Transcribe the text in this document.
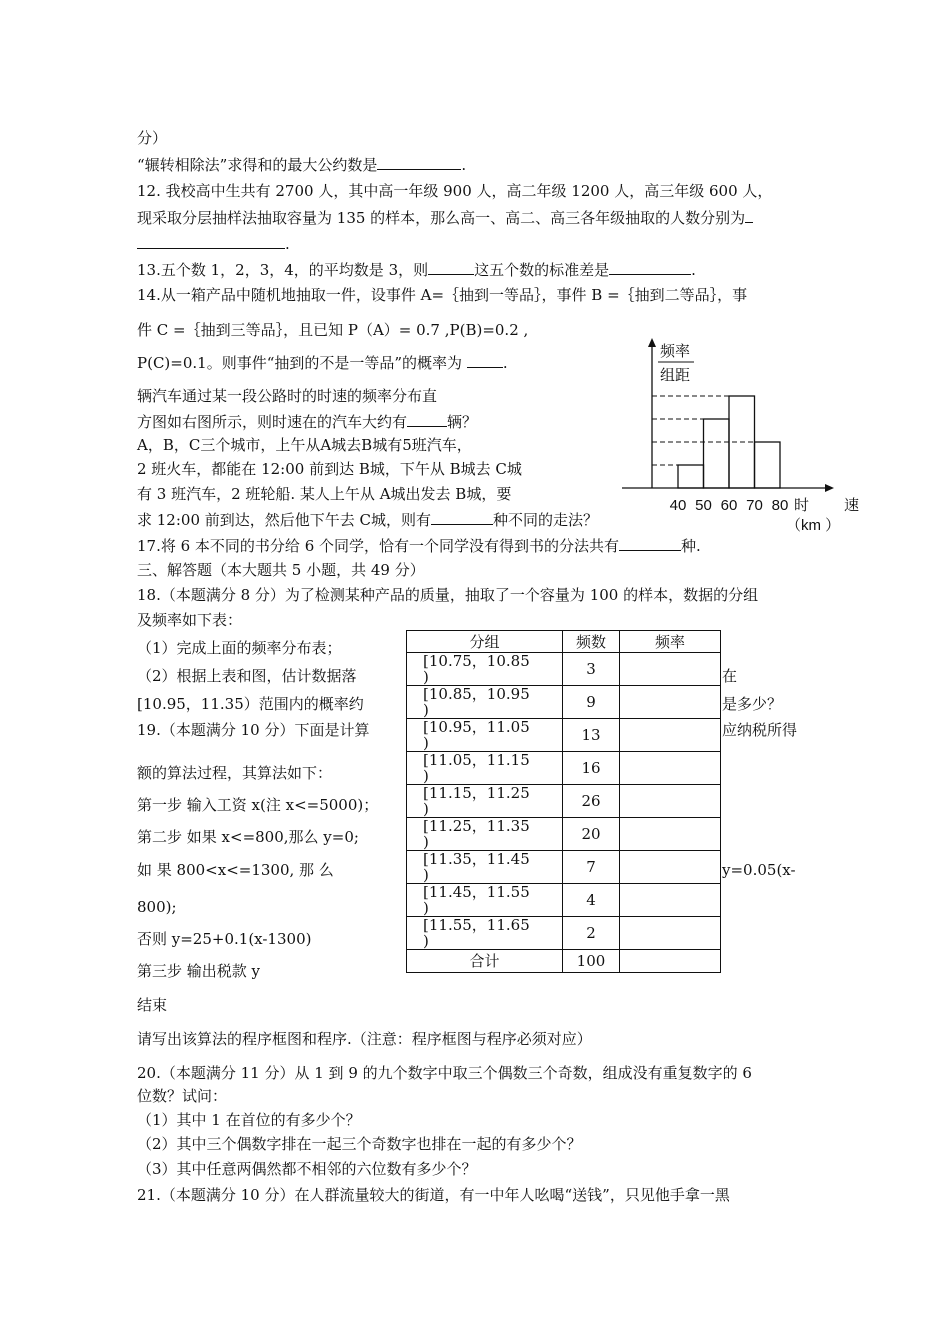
分）
“辗转相除法”求得和的最大公约数是	.
12. 我校高中生共有 2700 人，其中高一年级 900 人，高二年级 1200 人，高三年级 600 人，
现采取分层抽样法抽取容量为 135 的样本，那么高一、高二、高三各年级抽取的人数分别为
.
13.五个数 1，2，3，4，的平均数是 3，则	这五个数的标准差是	.
14.从一箱产品中随机地抽取一件，设事件 A=｛抽到一等品｝，事件 B =｛抽到二等品｝，事
件 C =｛抽到三等品｝，且已知 P（A）= 0.7 ,P(B)=0.2 ,
P(C)=0.1。则事件“抽到的不是一等品”的概率为	.
辆汽车通过某一段公路时的时速的频率分布直
方图如右图所示，则时速在的汽车大约有	辆？
A，B，C三个城市，上午从A城去B城有5班汽车，
2 班火车，都能在 12:00 前到达 B城，下午从 B城去 C城
有 3 班汽车，2 班轮船. 某人上午从 A城出发去 B城，要
求 12:00 前到达，然后他下午去 C城，则有	种不同的走法？
17.将 6 本不同的书分给 6 个同学，恰有一个同学没有得到书的分法共有	种.
三、解答题（本大题共 5 小题，共 49 分）
18.（本题满分 8 分）为了检测某种产品的质量，抽取了一个容量为 100 的样本，数据的分组
及频率如下表：
（1）完成上面的频率分布表；
（2）根据上表和图，估计数据落	在
[10.95，11.35）范围内的概率约	是多少？
19.（本题满分 10 分）下面是计算	应纳税所得
额的算法过程，其算法如下：
第一步 输入工资 x(注 x<=5000)；
第二步 如果 x<=800,那么 y=0;
如 果 800<x<=1300, 那 么	y=0.05(x-
800);
否则 y=25+0.1(x-1300)
第三步 输出税款 y
结束
请写出该算法的程序框图和程序.（注意：程序框图与程序必须对应）
20.（本题满分 11 分）从 1 到 9 的九个数字中取三个偶数三个奇数，组成没有重复数字的 6
位数？试问：
（1）其中 1 在首位的有多少个？
（2）其中三个偶数字排在一起三个奇数字也排在一起的有多少个？
（3）其中任意两偶然都不相邻的六位数有多少个？
21.（本题满分 10 分）在人群流量较大的街道，有一中年人吆喝“送钱”，只见他手拿一黑
频率
组距
40 50 60 70 80 时 速
（km ）
分组	频数	频率
[10.75，10.85
)	3	
[10.85，10.95
)	9	
[10.95，11.05
)	13	
[11.05，11.15
)	16	
[11.15，11.25
)	26	
[11.25，11.35
)	20	
[11.35，11.45
)	7	
[11.45，11.55
)	4	
[11.55，11.65
)	2	
合计	100	
